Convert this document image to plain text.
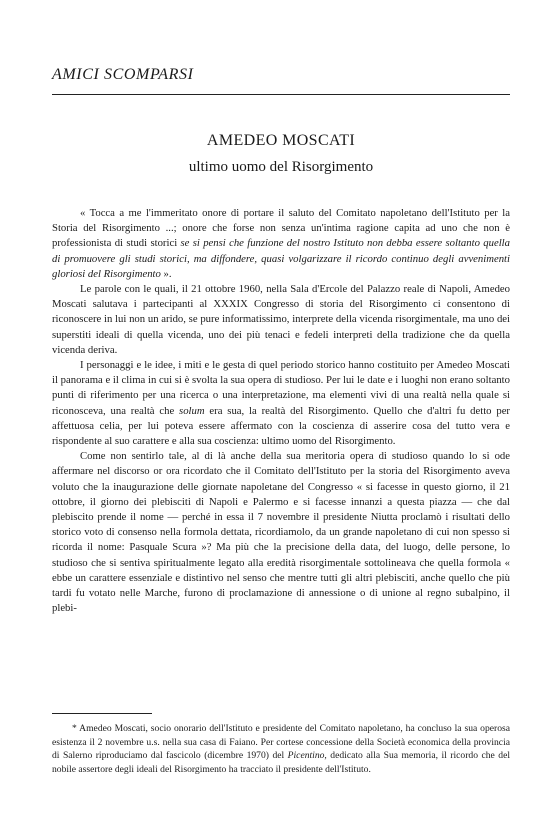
AMICI SCOMPARSI
AMEDEO MOSCATI
ultimo uomo del Risorgimento

« Tocca a me l'immeritato onore di portare il saluto del Comitato napoletano dell'Istituto per la Storia del Risorgimento ...; onore che forse non senza un'intima ragione capita ad uno che non è professionista di studi storici se si pensi che funzione del nostro Istituto non debba essere soltanto quella di promuovere gli studi storici, ma diffondere, quasi volgarizzare il ricordo continuo degli avvenimenti gloriosi del Risorgimento ».

Le parole con le quali, il 21 ottobre 1960, nella Sala d'Ercole del Palazzo reale di Napoli, Amedeo Moscati salutava i partecipanti al XXXIX Congresso di storia del Risorgimento ci consentono di riconoscere in lui non un arido, se pure informatissimo, interprete della vicenda risorgimentale, ma uno dei superstiti ideali di quella vicenda, uno dei più tenaci e fedeli interpreti della tradizione che da quella vicenda deriva.

I personaggi e le idee, i miti e le gesta di quel periodo storico hanno costituito per Amedeo Moscati il panorama e il clima in cui si è svolta la sua opera di studioso. Per lui le date e i luoghi non erano soltanto punti di riferimento per una ricerca o una interpretazione, ma elementi vivi di una realtà nella quale si riconosceva, una realtà che solum era sua, la realtà del Risorgimento. Quello che d'altri fu detto per affettuosa celia, per lui poteva essere affermato con la coscienza di asserire cosa del tutto vera e rispondente al suo carattere e alla sua coscienza: ultimo uomo del Risorgimento.

Come non sentirlo tale, al di là anche della sua meritoria opera di studioso quando lo si ode affermare nel discorso or ora ricordato che il Comitato dell'Istituto per la storia del Risorgimento aveva voluto che la inaugurazione delle giornate napoletane del Congresso « si facesse in questo giorno, il 21 ottobre, il giorno dei plebisciti di Napoli e Palermo e si facesse innanzi a questa piazza — che dal plebiscito prende il nome — perché in essa il 7 novembre il presidente Niutta proclamò i risultati dello storico voto di consenso nella formola dettata, ricordiamolo, da un grande napoletano di cui non spesso si ricorda il nome: Pasquale Scura »? Ma più che la precisione della data, del luogo, delle persone, lo studioso che si sentiva spiritualmente legato alla eredità risorgimentale sottolineava che quella formola « ebbe un carattere essenziale e distintivo nel senso che mentre tutti gli altri plebisciti, anche quello che più tardi fu votato nelle Marche, furono di proclamazione di annessione o di unione al regno subalpino, il plebi-

* Amedeo Moscati, socio onorario dell'Istituto e presidente del Comitato napoletano, ha concluso la sua operosa esistenza il 2 novembre u.s. nella sua casa di Faiano. Per cortese concessione della Società economica della provincia di Salerno riproduciamo dal fascicolo (dicembre 1970) del Picentino, dedicato alla Sua memoria, il ricordo che del nobile assertore degli ideali del Risorgimento ha tracciato il presidente dell'Istituto.
